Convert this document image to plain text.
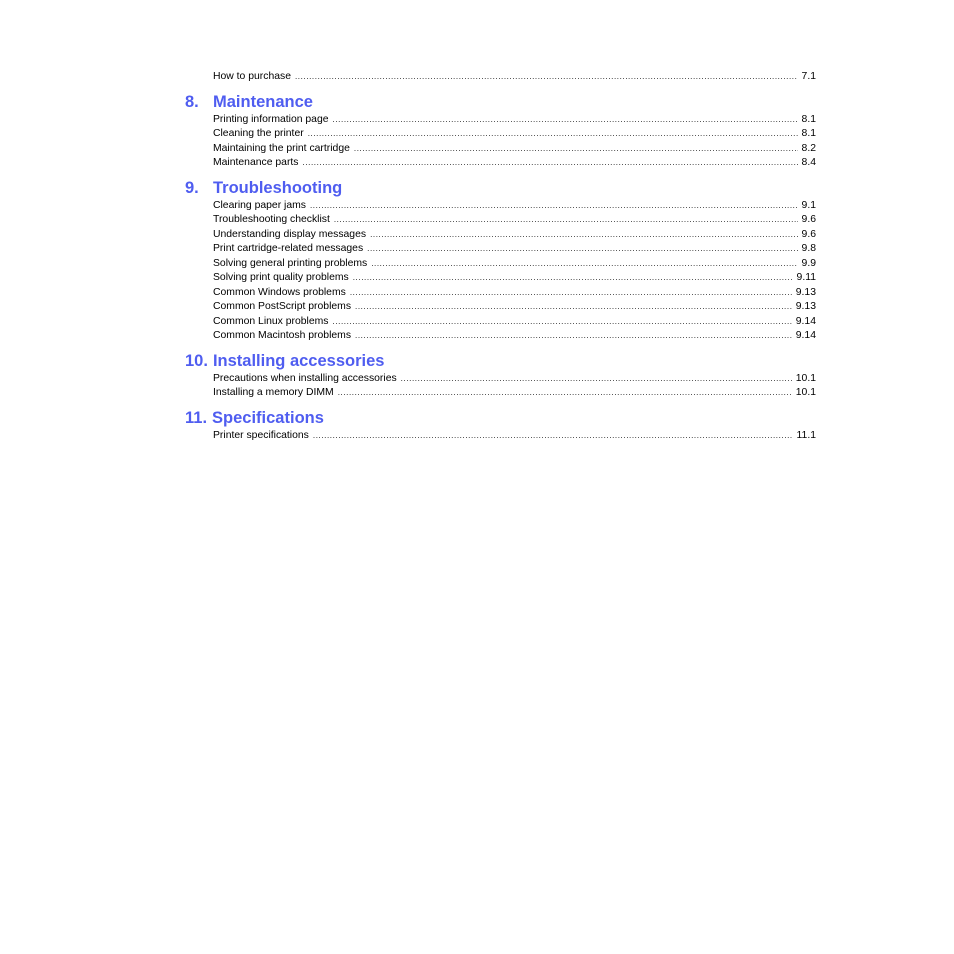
How to purchase .....	7.1
8. Maintenance
Printing information page .....	8.1
Cleaning the printer .....	8.1
Maintaining the print cartridge .....	8.2
Maintenance parts .....	8.4
9. Troubleshooting
Clearing paper jams .....	9.1
Troubleshooting checklist .....	9.6
Understanding display messages .....	9.6
Print cartridge-related messages .....	9.8
Solving general printing problems .....	9.9
Solving print quality problems .....	9.11
Common Windows problems .....	9.13
Common PostScript problems .....	9.13
Common Linux problems .....	9.14
Common Macintosh problems .....	9.14
10. Installing accessories
Precautions when installing accessories .....	10.1
Installing a memory DIMM .....	10.1
11. Specifications
Printer specifications .....	11.1
